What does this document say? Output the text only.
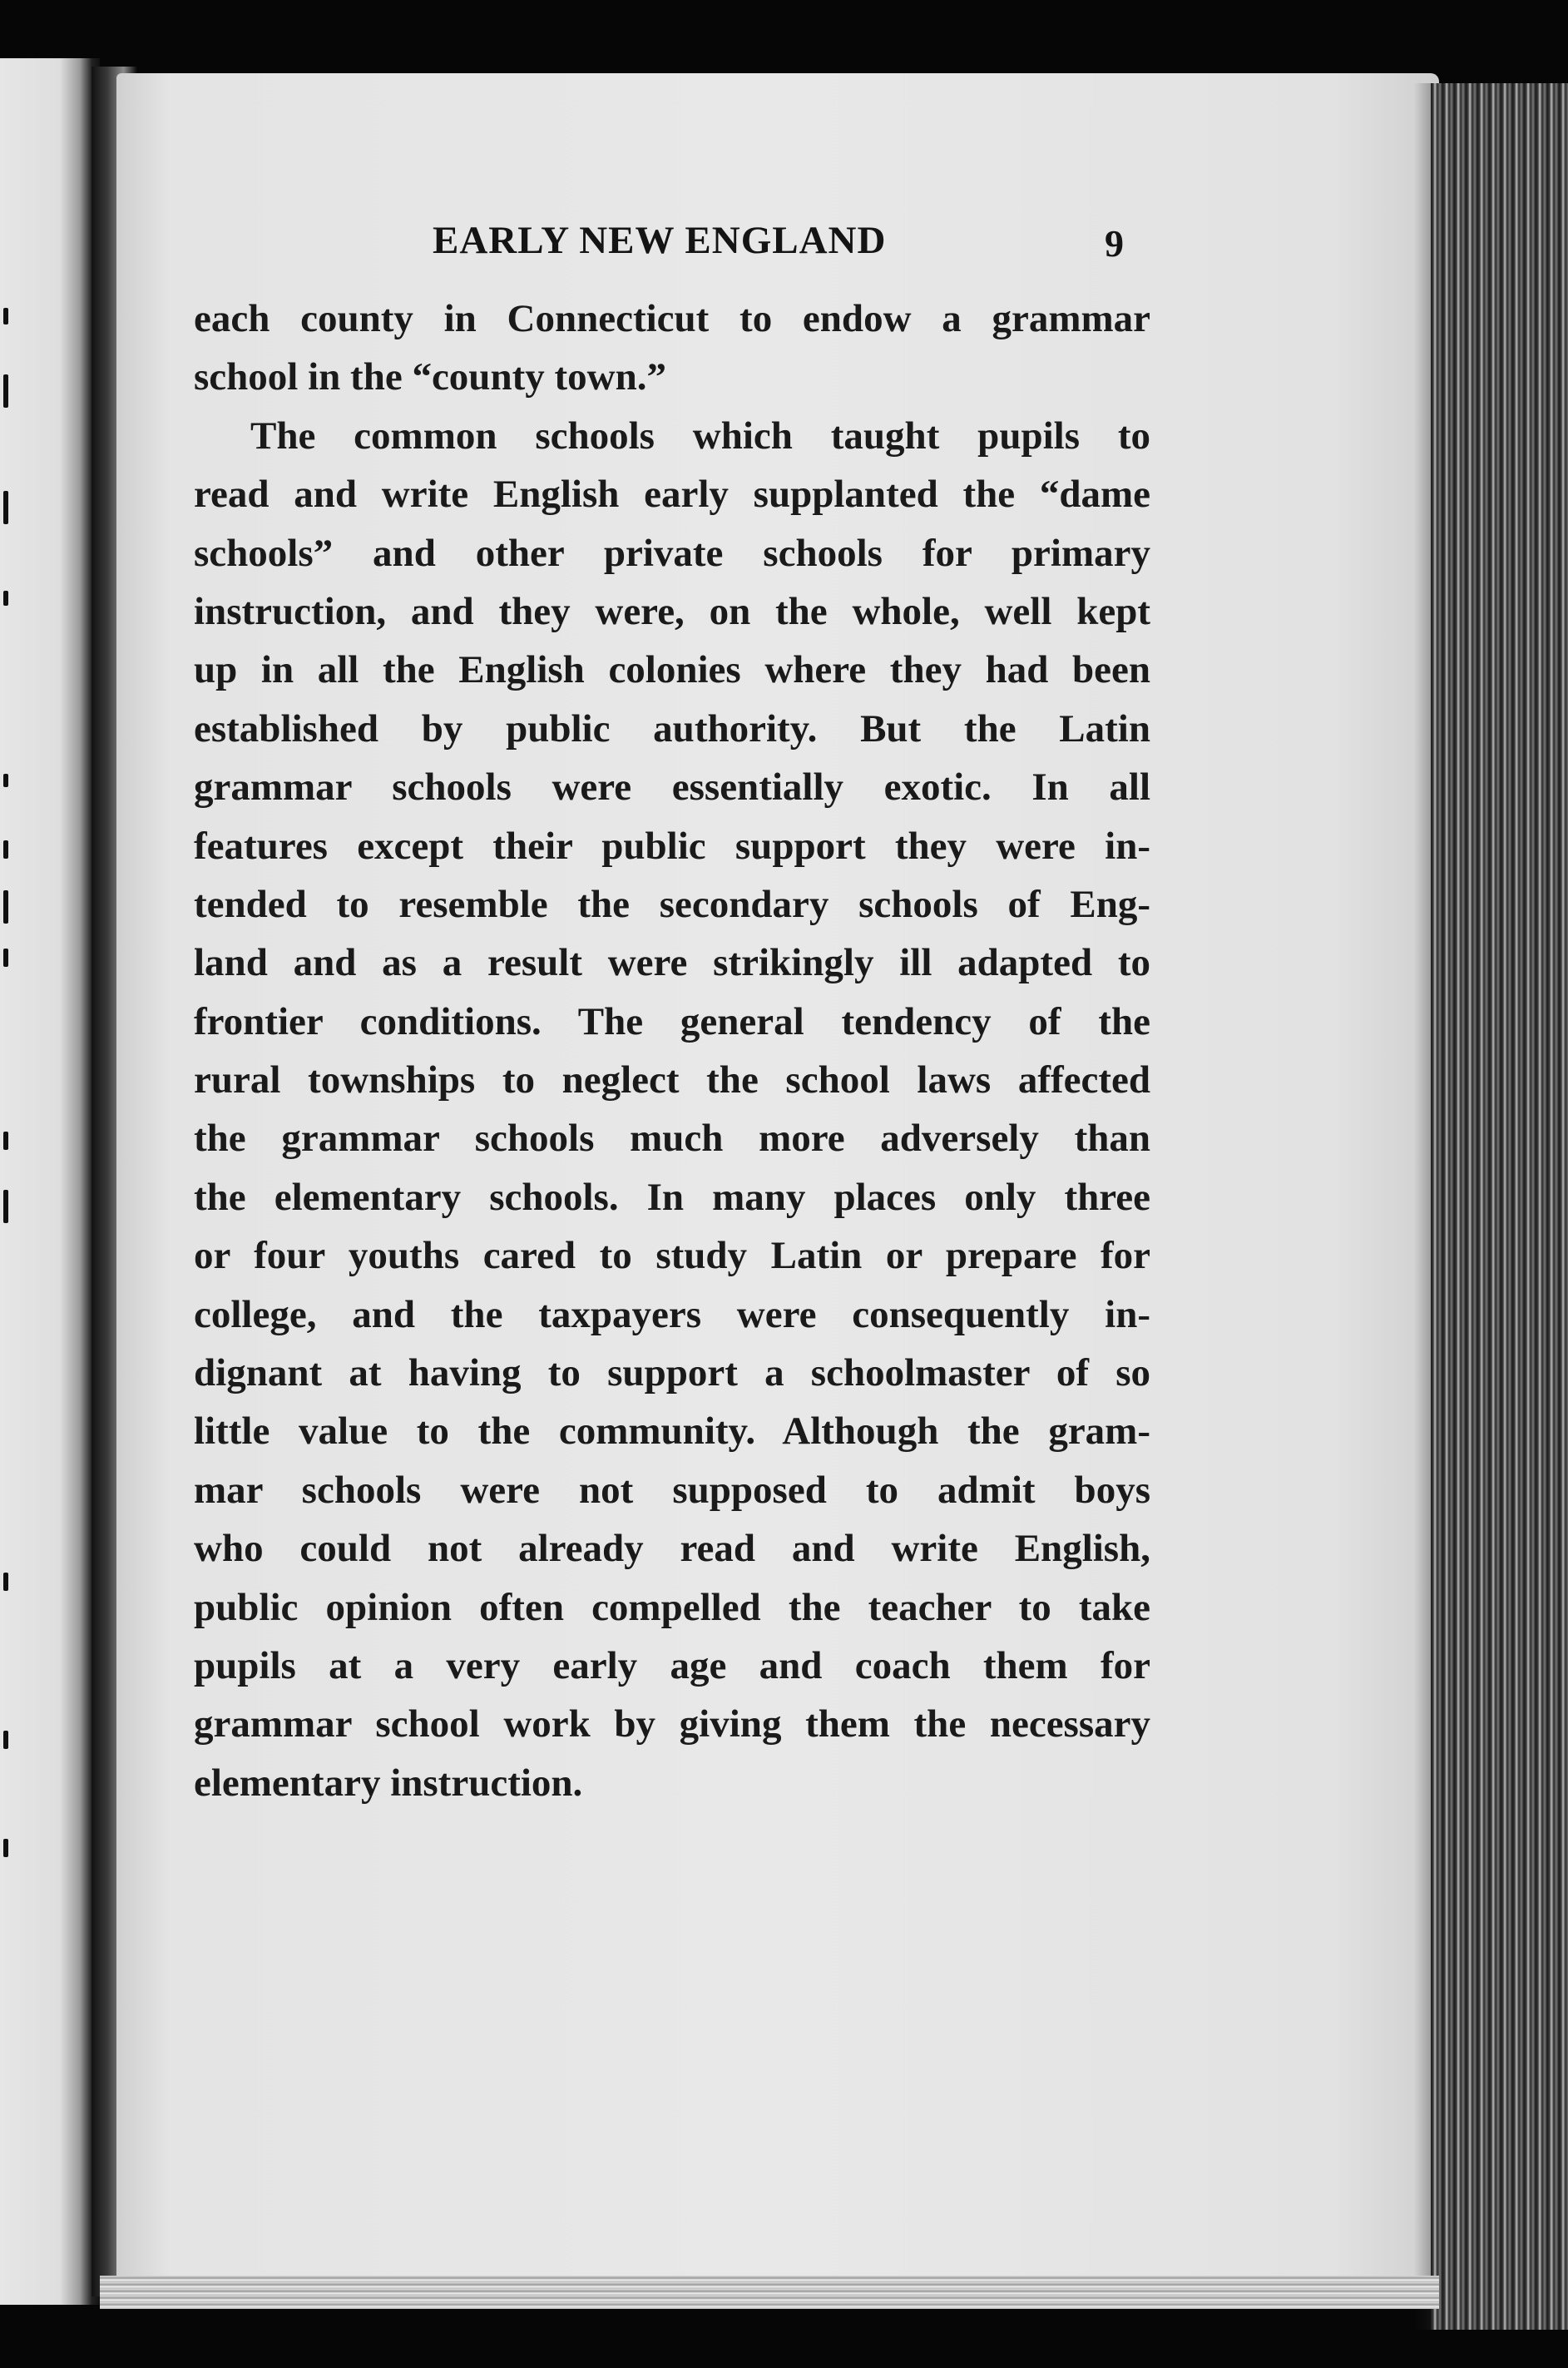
EARLY NEW ENGLAND	9
each county in Connecticut to endow a grammar
school in the “county town.”
The common schools which taught pupils to
read and write English early supplanted the “dame
schools” and other private schools for primary
instruction, and they were, on the whole, well kept
up in all the English colonies where they had been
established by public authority. But the Latin
grammar schools were essentially exotic. In all
features except their public support they were in-
tended to resemble the secondary schools of Eng-
land and as a result were strikingly ill adapted to
frontier conditions. The general tendency of the
rural townships to neglect the school laws affected
the grammar schools much more adversely than
the elementary schools. In many places only three
or four youths cared to study Latin or prepare for
college, and the taxpayers were consequently in-
dignant at having to support a schoolmaster of so
little value to the community. Although the gram-
mar schools were not supposed to admit boys
who could not already read and write English,
public opinion often compelled the teacher to take
pupils at a very early age and coach them for
grammar school work by giving them the necessary
elementary instruction.
